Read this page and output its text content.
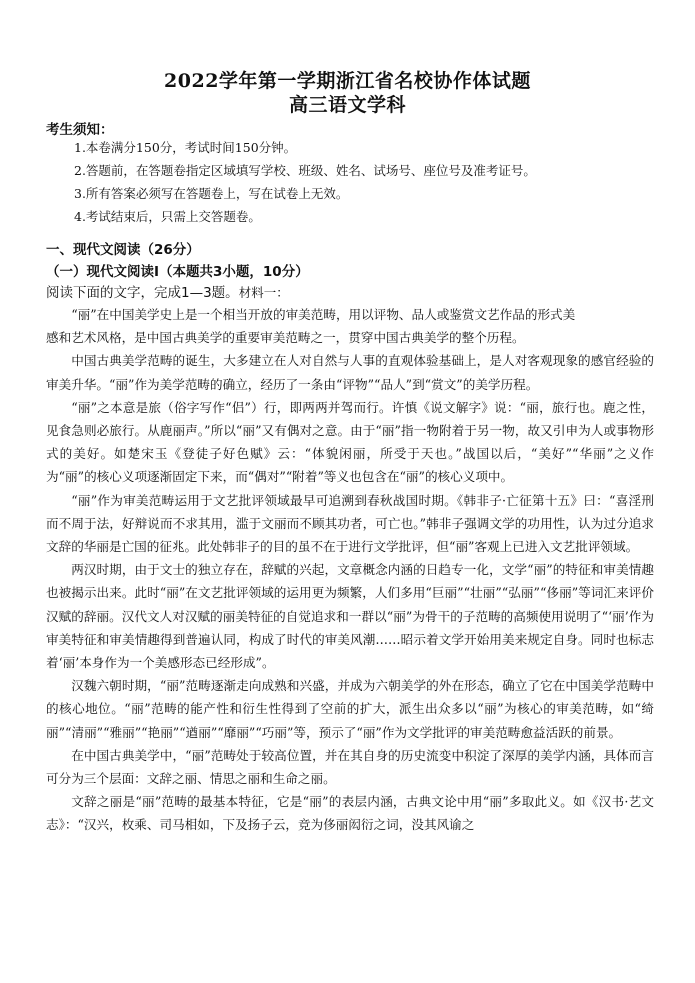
2022学年第一学期浙江省名校协作体试题
高三语文学科
考生须知：
1.本卷满分150分，考试时间150分钟。
2.答题前，在答题卷指定区域填写学校、班级、姓名、试场号、座位号及准考证号。
3.所有答案必须写在答题卷上，写在试卷上无效。
4.考试结束后，只需上交答题卷。
一、现代文阅读（26分）
（一）现代文阅读Ⅰ（本题共3小题，10分）
阅读下面的文字，完成1—3题。材料一：

“丽”在中国美学史上是一个相当开放的审美范畴，用以评物、品人或鉴赏文艺作品的形式美

感和艺术风格，是中国古典美学的重要审美范畴之一，贯穿中国古典美学的整个历程。

中国古典美学范畴的诞生，大多建立在人对自然与人事的直观体验基础上，是人对客观现象的感官经验的审美升华。“丽”作为美学范畴的确立，经历了一条由“评物”“品人”到“赏文”的美学历程。

“丽”之本意是旅（俗字写作“侣”）行，即两两并驾而行。许慎《说文解字》说：“丽，旅行也。鹿之性，见食急则必旅行。从鹿丽声。”所以“丽”又有偶对之意。由于“丽”指一物附着于另一物，故又引申为人或事物形式的美好。如楚宋玉《登徒子好色赋》云：“体貌闲丽，所受于天也。”战国以后，“美好”“华丽”之义作为“丽”的核心义项逐渐固定下来，而“偶对”“附着”等义也包含在“丽”的核心义项中。

“丽”作为审美范畴运用于文艺批评领域最早可追溯到春秋战国时期。《韩非子·亡征第十五》曰：“喜淫刑而不周于法，好辩说而不求其用，滥于文丽而不顾其功者，可亡也。”韩非子强调文学的功用性，认为过分追求文辞的华丽是亡国的征兆。此处韩非子的目的虽不在于进行文学批评，但“丽”客观上已进入文艺批评领域。

两汉时期，由于文士的独立存在，辞赋的兴起，文章概念内涵的日趋专一化，文学“丽”的特征和审美情趣也被揭示出来。此时“丽”在文艺批评领域的运用更为频繁，人们多用“巨丽”“壮丽”“弘丽”“侈丽”等词汇来评价汉赋的辞丽。汉代文人对汉赋的丽美特征的自觉追求和一群以“丽”为骨干的子范畴的高频使用说明了“‘丽’作为审美特征和审美情趣得到普遍认同，构成了时代的审美风潮……昭示着文学开始用美来规定自身。同时也标志着‘丽’本身作为一个美感形态已经形成”。

汉魏六朝时期，“丽”范畴逐渐走向成熟和兴盛，并成为六朝美学的外在形态，确立了它在中国美学范畴中的核心地位。“丽”范畴的能产性和衍生性得到了空前的扩大，派生出众多以“丽”为核心的审美范畴，如“绮丽”“清丽”“雅丽”“艳丽”“遒丽”“靡丽”“巧丽”等，预示了“丽”作为文学批评的审美范畴愈益活跃的前景。

在中国古典美学中，“丽”范畴处于较高位置，并在其自身的历史流变中积淀了深厚的美学内涵，具体而言可分为三个层面：文辞之丽、情思之丽和生命之丽。

文辞之丽是“丽”范畴的最基本特征，它是“丽”的表层内涵，古典文论中用“丽”多取此义。如《汉书·艺文志》：“汉兴，枚乘、司马相如，下及扬子云，竞为侈丽闳衍之词，没其风谕之
